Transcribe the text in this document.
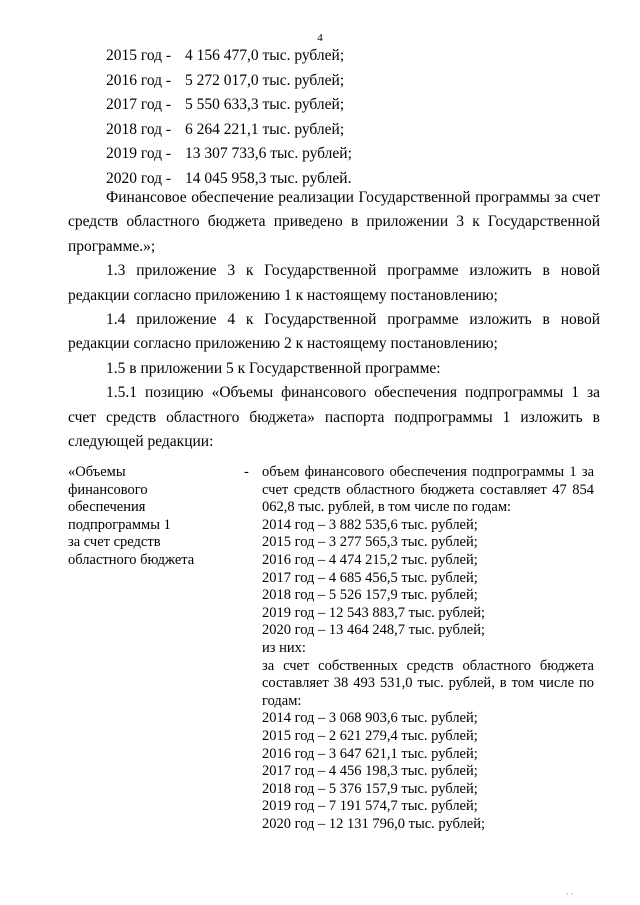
4
2015 год - 4 156 477,0 тыс. рублей;
2016 год - 5 272 017,0 тыс. рублей;
2017 год - 5 550 633,3 тыс. рублей;
2018 год - 6 264 221,1 тыс. рублей;
2019 год - 13 307 733,6 тыс. рублей;
2020 год - 14 045 958,3 тыс. рублей.
Финансовое обеспечение реализации Государственной программы за счет средств областного бюджета приведено в приложении 3 к Государственной программе.»;
1.3 приложение 3 к Государственной программе изложить в новой редакции согласно приложению 1 к настоящему постановлению;
1.4 приложение 4 к Государственной программе изложить в новой редакции согласно приложению 2 к настоящему постановлению;
1.5 в приложении 5 к Государственной программе:
1.5.1 позицию «Объемы финансового обеспечения подпрограммы 1 за счет средств областного бюджета» паспорта подпрограммы 1 изложить в следующей редакции:
«Объемы
финансового
обеспечения
подпрограммы 1
за счет средств
областного бюджета
- объем финансового обеспечения подпрограммы 1 за счет средств областного бюджета составляет 47 854 062,8 тыс. рублей, в том числе по годам:
2014 год – 3 882 535,6 тыс. рублей;
2015 год – 3 277 565,3 тыс. рублей;
2016 год – 4 474 215,2 тыс. рублей;
2017 год – 4 685 456,5 тыс. рублей;
2018 год – 5 526 157,9 тыс. рублей;
2019 год – 12 543 883,7 тыс. рублей;
2020 год – 13 464 248,7 тыс. рублей;
из них:
за счет собственных средств областного бюджета составляет 38 493 531,0 тыс. рублей, в том числе по годам:
2014 год – 3 068 903,6 тыс. рублей;
2015 год – 2 621 279,4 тыс. рублей;
2016 год – 3 647 621,1 тыс. рублей;
2017 год – 4 456 198,3 тыс. рублей;
2018 год – 5 376 157,9 тыс. рублей;
2019 год – 7 191 574,7 тыс. рублей;
2020 год – 12 131 796,0 тыс. рублей;
· ·
